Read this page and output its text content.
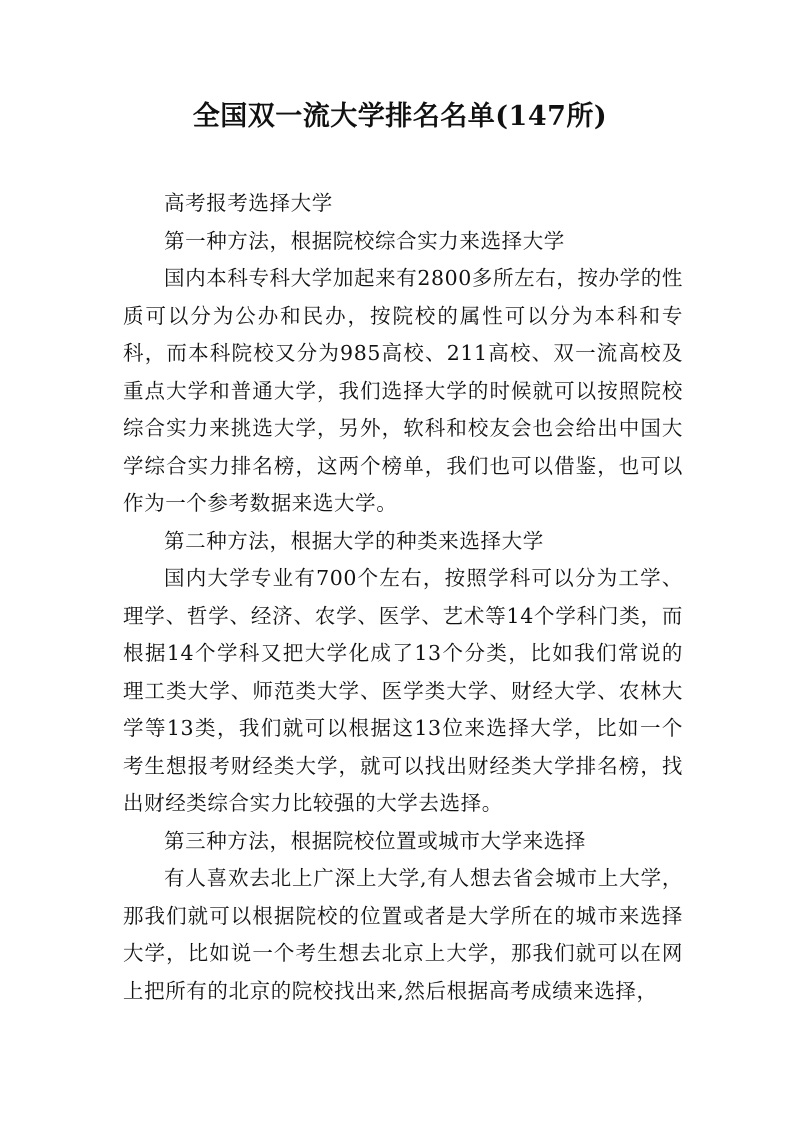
全国双一流大学排名名单(147所)

高考报考选择大学

第一种方法，根据院校综合实力来选择大学

国内本科专科大学加起来有2800多所左右，按办学的性质可以分为公办和民办，按院校的属性可以分为本科和专科，而本科院校又分为985高校、211高校、双一流高校及重点大学和普通大学，我们选择大学的时候就可以按照院校综合实力来挑选大学，另外，软科和校友会也会给出中国大学综合实力排名榜，这两个榜单，我们也可以借鉴，也可以作为一个参考数据来选大学。

第二种方法，根据大学的种类来选择大学

国内大学专业有700个左右，按照学科可以分为工学、理学、哲学、经济、农学、医学、艺术等14个学科门类，而根据14个学科又把大学化成了13个分类，比如我们常说的理工类大学、师范类大学、医学类大学、财经大学、农林大学等13类，我们就可以根据这13位来选择大学，比如一个考生想报考财经类大学，就可以找出财经类大学排名榜，找出财经类综合实力比较强的大学去选择。

第三种方法，根据院校位置或城市大学来选择

有人喜欢去北上广深上大学,有人想去省会城市上大学，那我们就可以根据院校的位置或者是大学所在的城市来选择大学，比如说一个考生想去北京上大学，那我们就可以在网上把所有的北京的院校找出来,然后根据高考成绩来选择，
